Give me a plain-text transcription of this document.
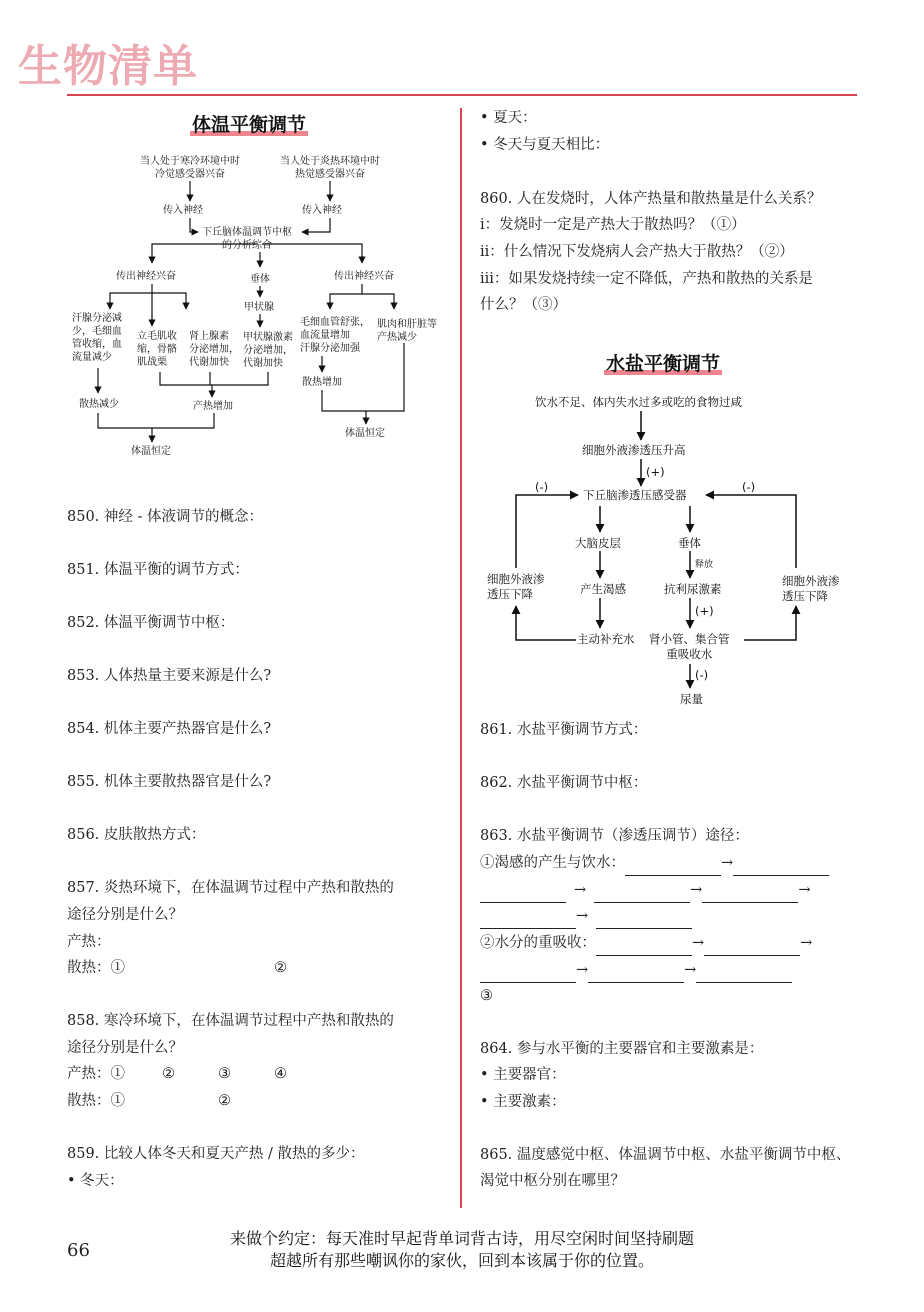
生物清单
体温平衡调节
当人处于寒冷环境中时
冷觉感受器兴奋
当人处于炎热环境中时
热觉感受器兴奋
传入神经	传入神经
下丘脑体温调节中枢
的分析综合
传出神经兴奋	垂体	传出神经兴奋
甲状腺
汗腺分泌减
少，毛细血
管收缩，血
流量减少
立毛肌收
缩，骨骼
肌战栗
肾上腺素
分泌增加，
代谢加快
甲状腺激素
分泌增加，
代谢加快
毛细血管舒张，
血流量增加
汗腺分泌加强
肌肉和肝脏等
产热减少
散热减少	产热增加
散热增加
体温恒定
体温恒定
850. 神经 - 体液调节的概念：
851. 体温平衡的调节方式：
852. 体温平衡调节中枢：
853. 人体热量主要来源是什么?
854. 机体主要产热器官是什么?
855. 机体主要散热器官是什么?
856. 皮肤散热方式：
857. 炎热环境下，在体温调节过程中产热和散热的
途径分别是什么？
产热：
散热：①	②
858. 寒冷环境下，在体温调节过程中产热和散热的
途径分别是什么？
产热：①	②	③	④
散热：①	②
859. 比较人体冬天和夏天产热 / 散热的多少：
• 冬天：
• 夏天：
• 冬天与夏天相比：
860. 人在发烧时，人体产热量和散热量是什么关系？
i：发烧时一定是产热大于散热吗？（①）
ii：什么情况下发烧病人会产热大于散热？（②）
iii：如果发烧持续一定不降低，产热和散热的关系是
什么？（③）
水盐平衡调节
饮水不足、体内失水过多或吃的食物过咸
细胞外液渗透压升高
(+)
(-)	(-)
下丘脑渗透压感受器
大脑皮层	垂体
释放
细胞外液渗
透压下降	产生渴感	抗利尿激素
(+)
细胞外液渗
透压下降
主动补充水 肾小管、集合管
重吸收水
(-)
尿量
861. 水盐平衡调节方式：
862. 水盐平衡调节中枢：
863. 水盐平衡调节（渗透压调节）途径：
①渴感的产生与饮水：	→
→	→	→
→
②水分的重吸收：	→	→
→	→
③
864. 参与水平衡的主要器官和主要激素是：
• 主要器官：
• 主要激素：
865. 温度感觉中枢、体温调节中枢、水盐平衡调节中枢、
渴觉中枢分别在哪里？
66
来做个约定：每天准时早起背单词背古诗，用尽空闲时间坚持刷题
超越所有那些嘲讽你的家伙，回到本该属于你的位置。
